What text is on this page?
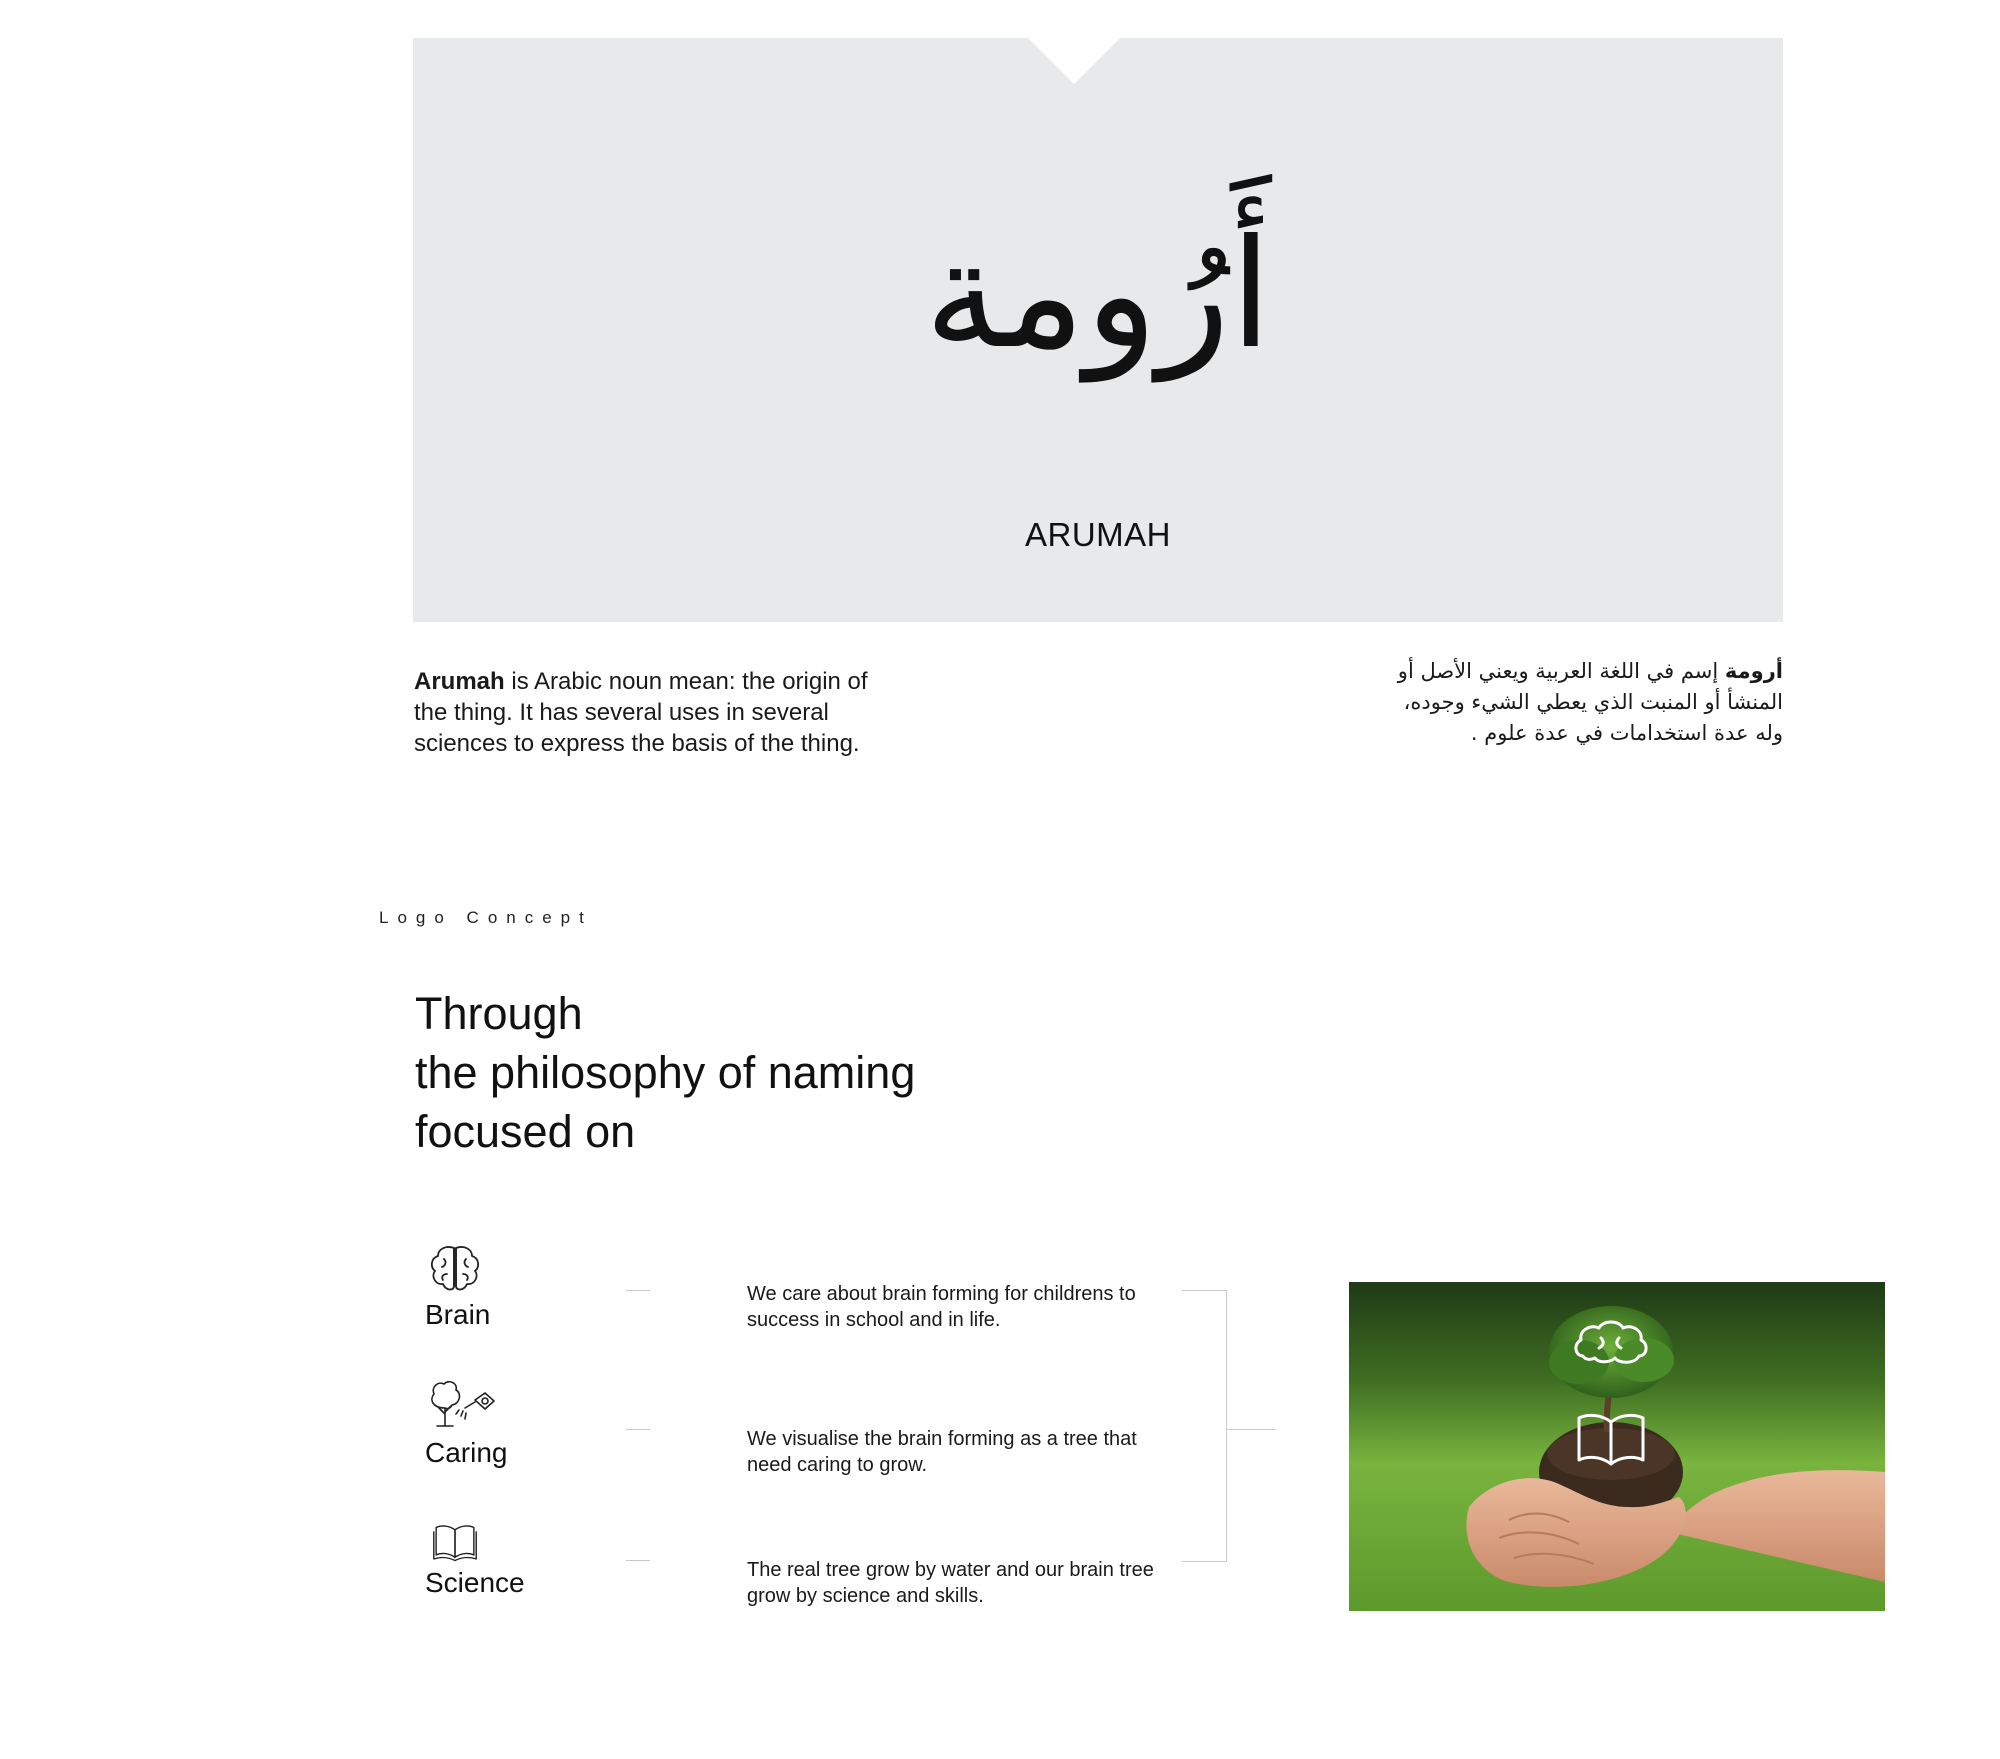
أَرُومة
ARUMAH

Arumah is Arabic noun mean: the origin of the thing. It has several uses in several sciences to express the basis of the thing.

أرومة إسم في اللغة العربية ويعني الأصل أو المنشأ أو المنبت الذي يعطي الشيء وجوده، وله عدة استخدامات في عدة علوم .

Logo Concept
Through
the philosophy of naming
focused on
Brain
Caring
Science

We care about brain forming for childrens to success in school and in life.

We visualise the brain forming as a tree that need caring to grow.

The real tree grow by water and our brain tree grow by science and skills.
